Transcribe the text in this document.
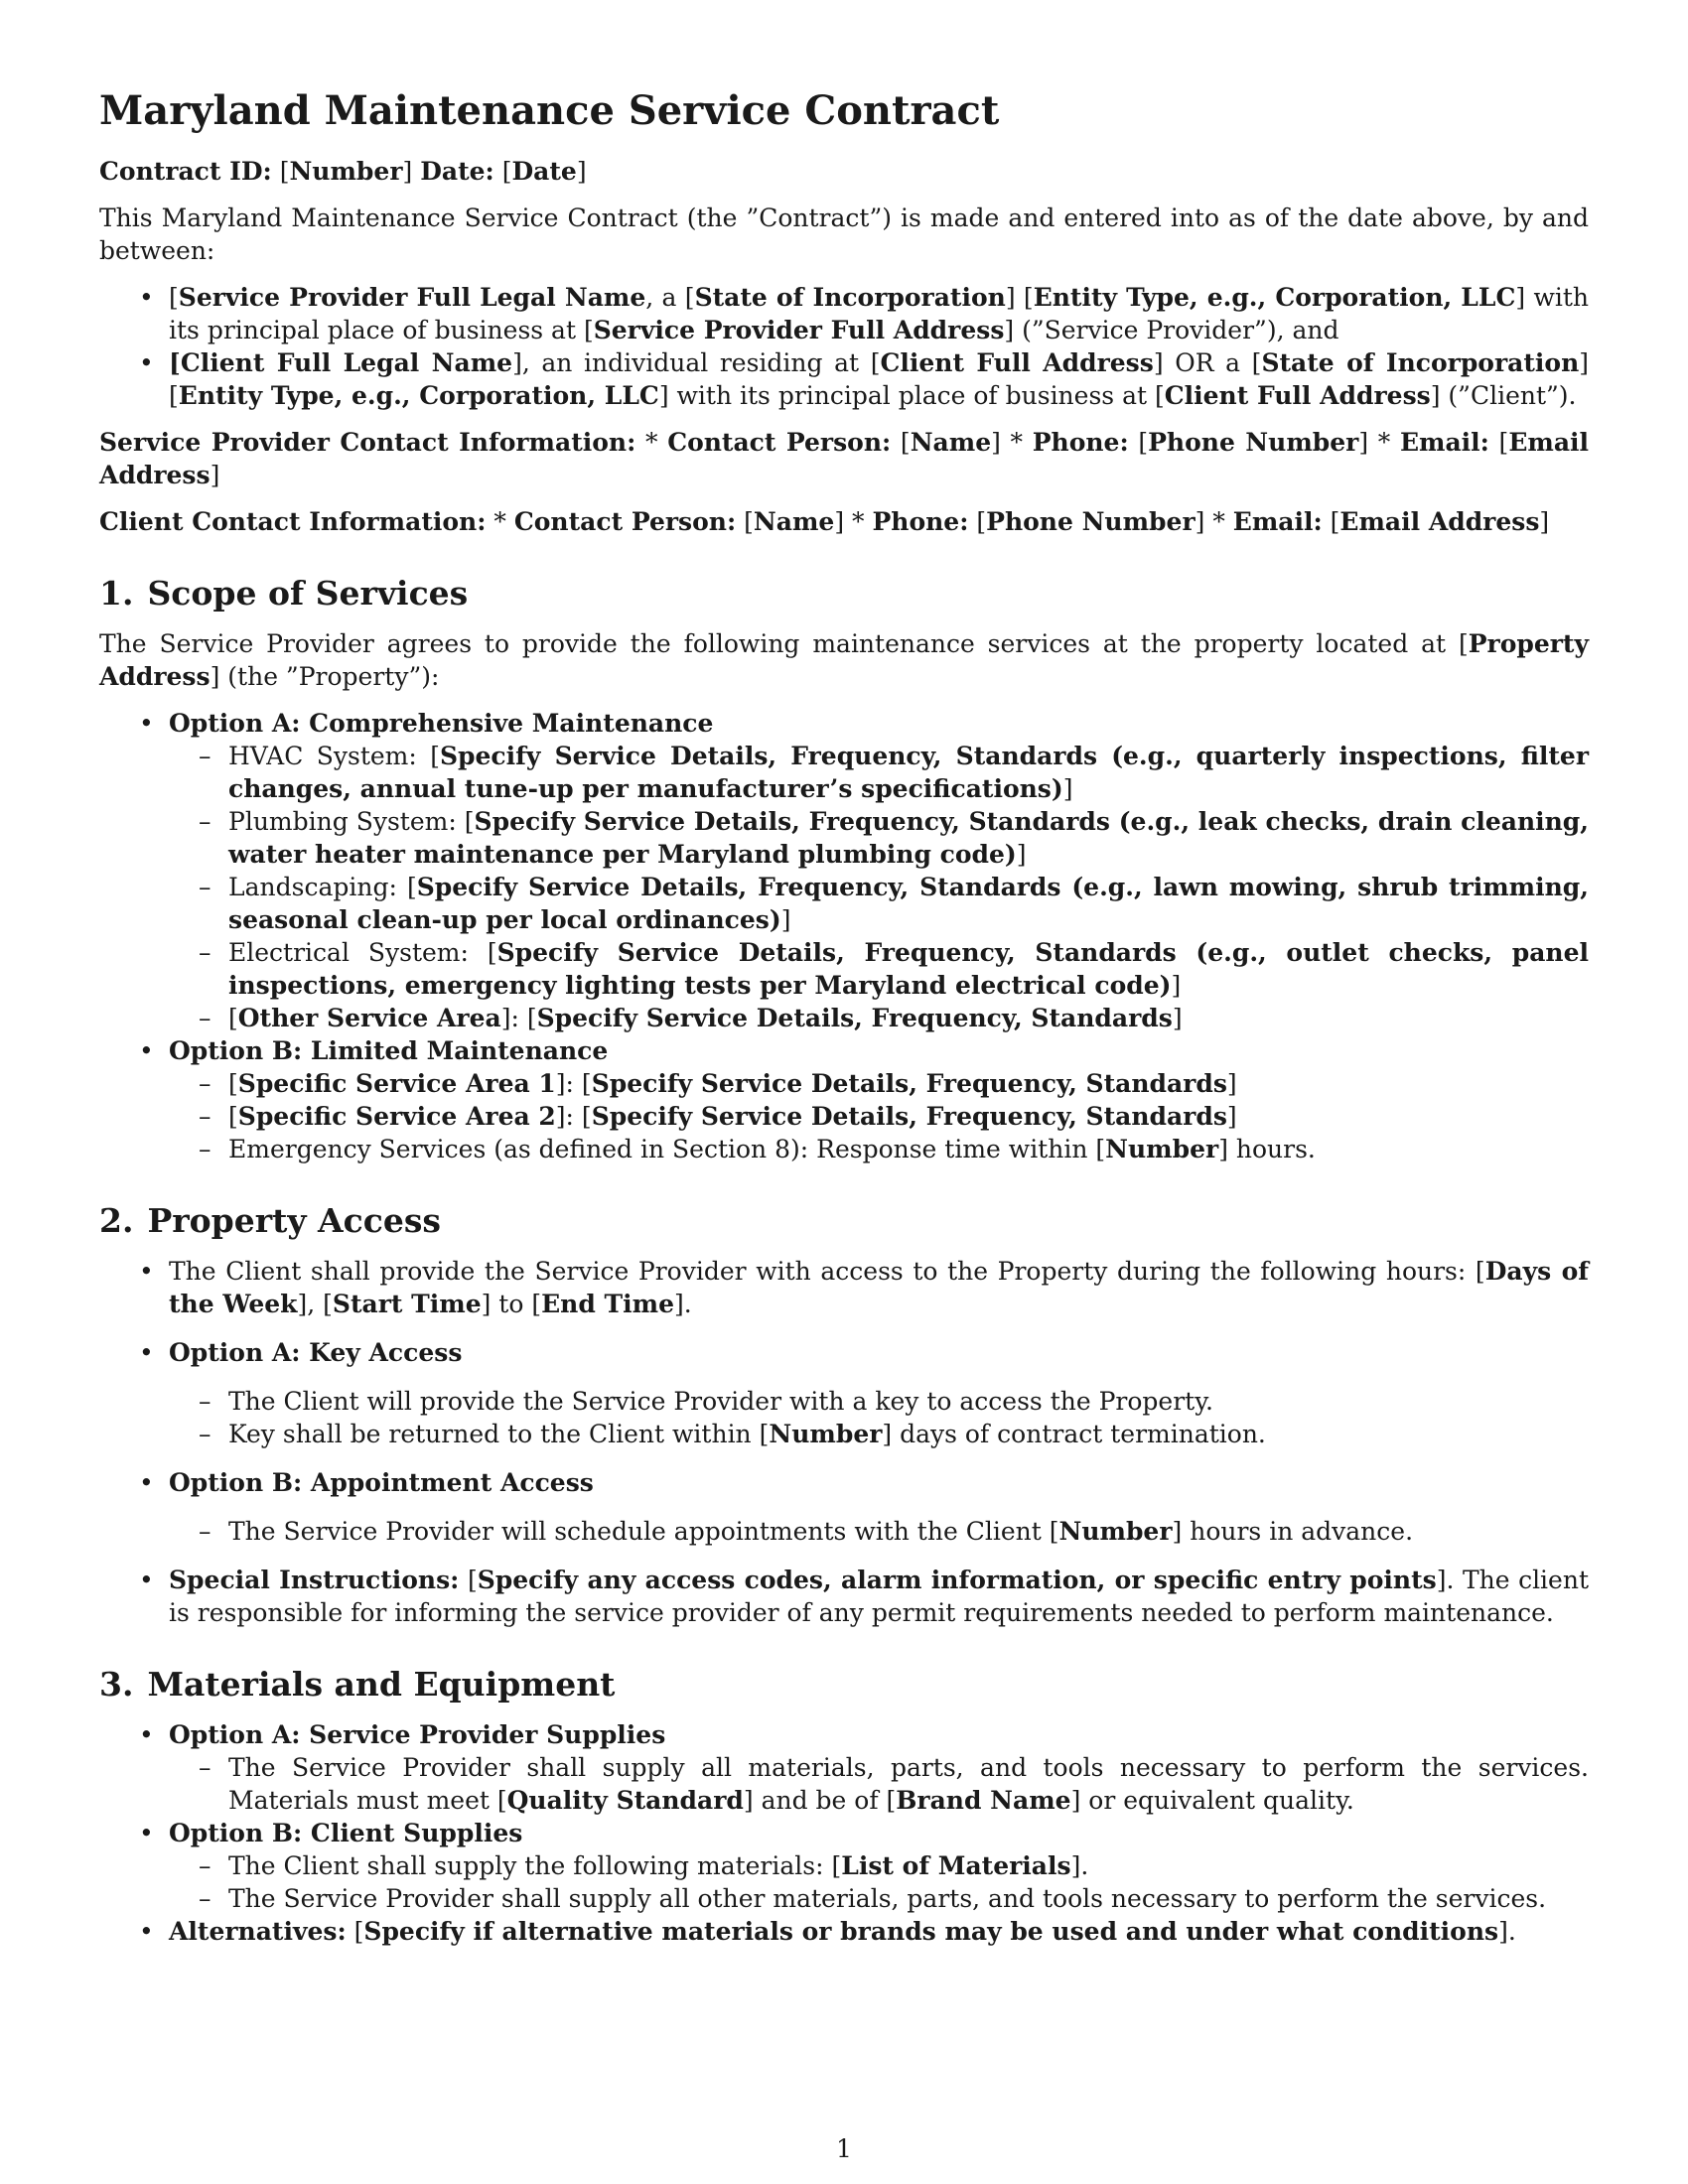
Maryland Maintenance Service Contract

Contract ID: [Number] Date: [Date]

This Maryland Maintenance Service Contract (the ”Contract”) is made and entered into as of the date above, by and between:

• [Service Provider Full Legal Name, a [State of Incorporation] [Entity Type, e.g., Corporation, LLC] with its principal place of business at [Service Provider Full Address] (”Service Provider”), and
• [Client Full Legal Name], an individual residing at [Client Full Address] OR a [State of Incorporation] [Entity Type, e.g., Corporation, LLC] with its principal place of business at [Client Full Address] (”Client”).

Service Provider Contact Information: * Contact Person: [Name] * Phone: [Phone Number] * Email: [Email Address]

Client Contact Information: * Contact Person: [Name] * Phone: [Phone Number] * Email: [Email Address]

1. Scope of Services

The Service Provider agrees to provide the following maintenance services at the property located at [Property Address] (the ”Property”):

• Option A: Comprehensive Maintenance
– HVAC System: [Specify Service Details, Frequency, Standards (e.g., quarterly inspections, filter changes, annual tune-up per manufacturer’s specifications)]
– Plumbing System: [Specify Service Details, Frequency, Standards (e.g., leak checks, drain cleaning, water heater maintenance per Maryland plumbing code)]
– Landscaping: [Specify Service Details, Frequency, Standards (e.g., lawn mowing, shrub trimming, seasonal clean-up per local ordinances)]
– Electrical System: [Specify Service Details, Frequency, Standards (e.g., outlet checks, panel inspections, emergency lighting tests per Maryland electrical code)]
– [Other Service Area]: [Specify Service Details, Frequency, Standards]
• Option B: Limited Maintenance
– [Specific Service Area 1]: [Specify Service Details, Frequency, Standards]
– [Specific Service Area 2]: [Specify Service Details, Frequency, Standards]
– Emergency Services (as defined in Section 8): Response time within [Number] hours.
2. Property Access
• The Client shall provide the Service Provider with access to the Property during the following hours: [Days of the Week], [Start Time] to [End Time].
• Option A: Key Access
– The Client will provide the Service Provider with a key to access the Property.
– Key shall be returned to the Client within [Number] days of contract termination.
• Option B: Appointment Access
– The Service Provider will schedule appointments with the Client [Number] hours in advance.
• Special Instructions: [Specify any access codes, alarm information, or specific entry points]. The client is responsible for informing the service provider of any permit requirements needed to perform maintenance.
3. Materials and Equipment
• Option A: Service Provider Supplies
– The Service Provider shall supply all materials, parts, and tools necessary to perform the services. Materials must meet [Quality Standard] and be of [Brand Name] or equivalent quality.
• Option B: Client Supplies
– The Client shall supply the following materials: [List of Materials].
– The Service Provider shall supply all other materials, parts, and tools necessary to perform the services.
• Alternatives: [Specify if alternative materials or brands may be used and under what conditions].
1
